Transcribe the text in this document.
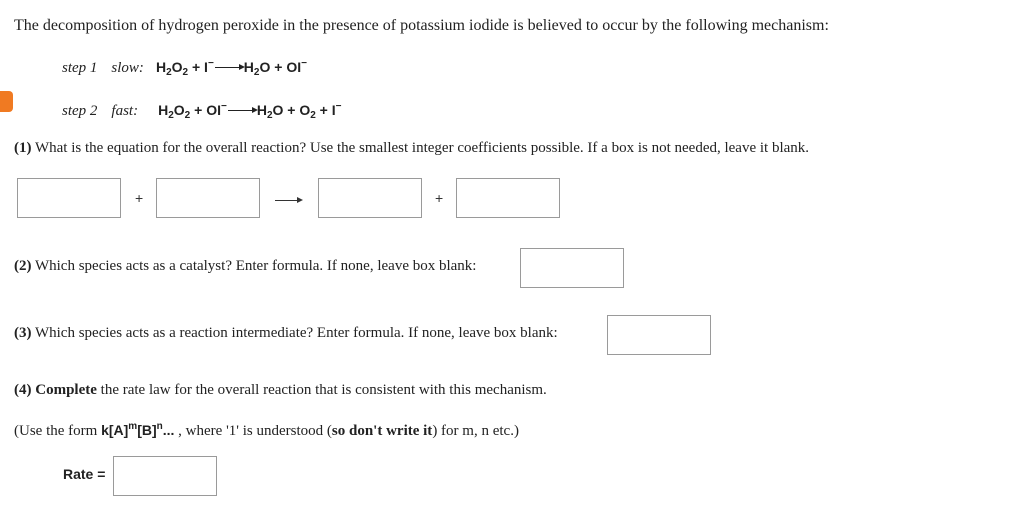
The decomposition of hydrogen peroxide in the presence of potassium iodide is believed to occur by the following mechanism:
step 1 slow: $H_2O_2 + I^-\to H_2O + OI^-$
step 2 fast: $H_2O_2 + OI^-\to H_2O + O_2 + I^-$
(1) What is the equation for the overall reaction? Use the smallest integer coefficients possible. If a box is not needed, leave it blank.
+	+
(2) Which species acts as a catalyst? Enter formula. If none, leave box blank:
(3) Which species acts as a reaction intermediate? Enter formula. If none, leave box blank:
(4) Complete the rate law for the overall reaction that is consistent with this mechanism.
(Use the form $k[A]^m[B]^n$... , where '1' is understood (so don't write it) for m, n etc.)
Rate =
